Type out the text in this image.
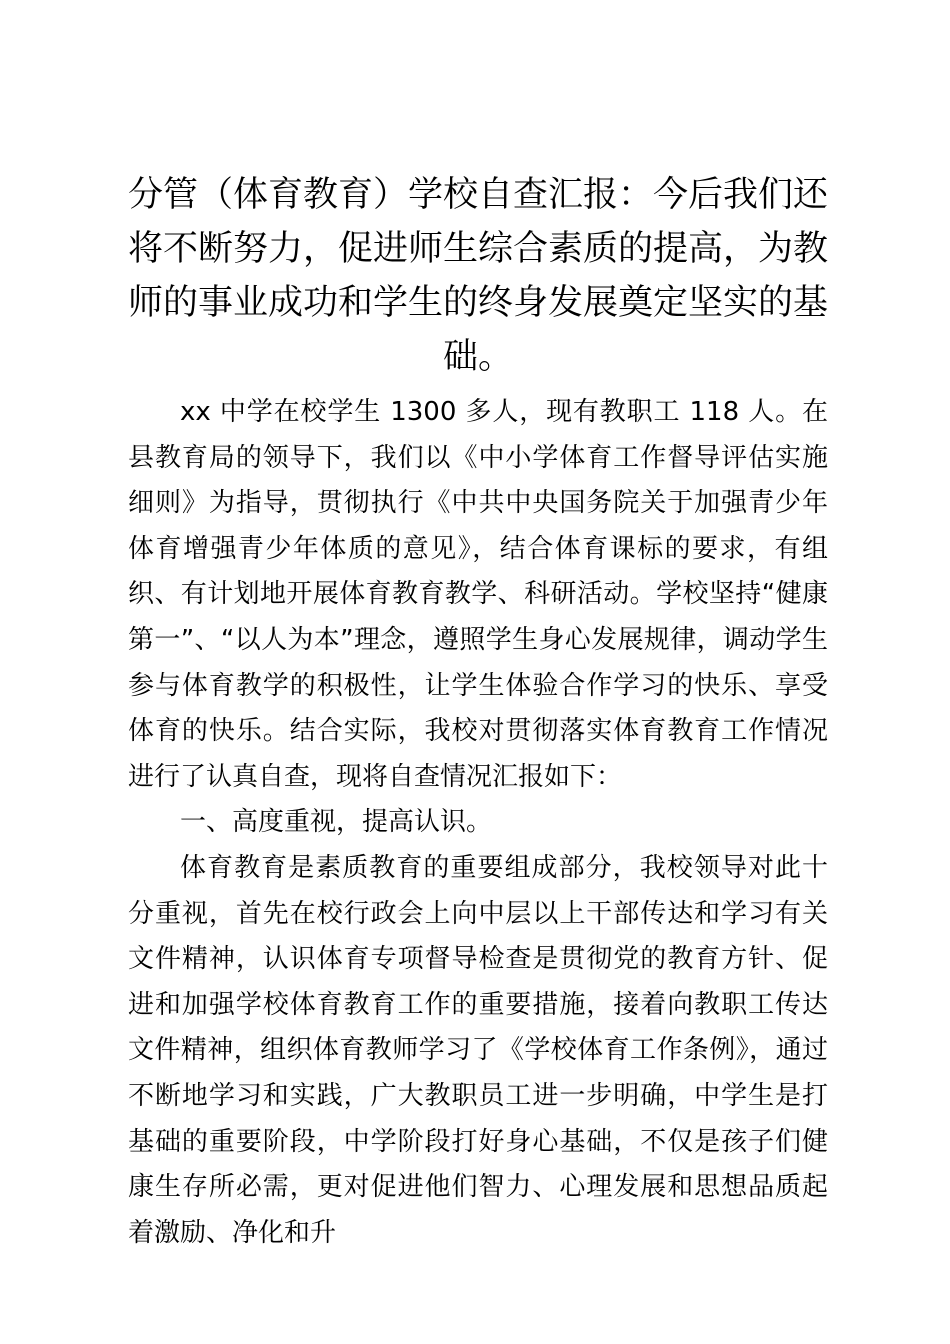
分管（体育教育）学校自查汇报：今后我们还将不断努力，促进师生综合素质的提高，为教师的事业成功和学生的终身发展奠定坚实的基础。

xx 中学在校学生 1300 多人，现有教职工 118 人。在县教育局的领导下，我们以《中小学体育工作督导评估实施细则》为指导，贯彻执行《中共中央国务院关于加强青少年体育增强青少年体质的意见》，结合体育课标的要求，有组织、有计划地开展体育教育教学、科研活动。学校坚持“健康第一”、“以人为本”理念，遵照学生身心发展规律，调动学生参与体育教学的积极性，让学生体验合作学习的快乐、享受体育的快乐。结合实际，我校对贯彻落实体育教育工作情况进行了认真自查，现将自查情况汇报如下：

一、高度重视，提高认识。

体育教育是素质教育的重要组成部分，我校领导对此十分重视，首先在校行政会上向中层以上干部传达和学习有关文件精神，认识体育专项督导检查是贯彻党的教育方针、促进和加强学校体育教育工作的重要措施，接着向教职工传达文件精神，组织体育教师学习了《学校体育工作条例》，通过不断地学习和实践，广大教职员工进一步明确，中学生是打基础的重要阶段，中学阶段打好身心基础，不仅是孩子们健康生存所必需，更对促进他们智力、心理发展和思想品质起着激励、净化和升
